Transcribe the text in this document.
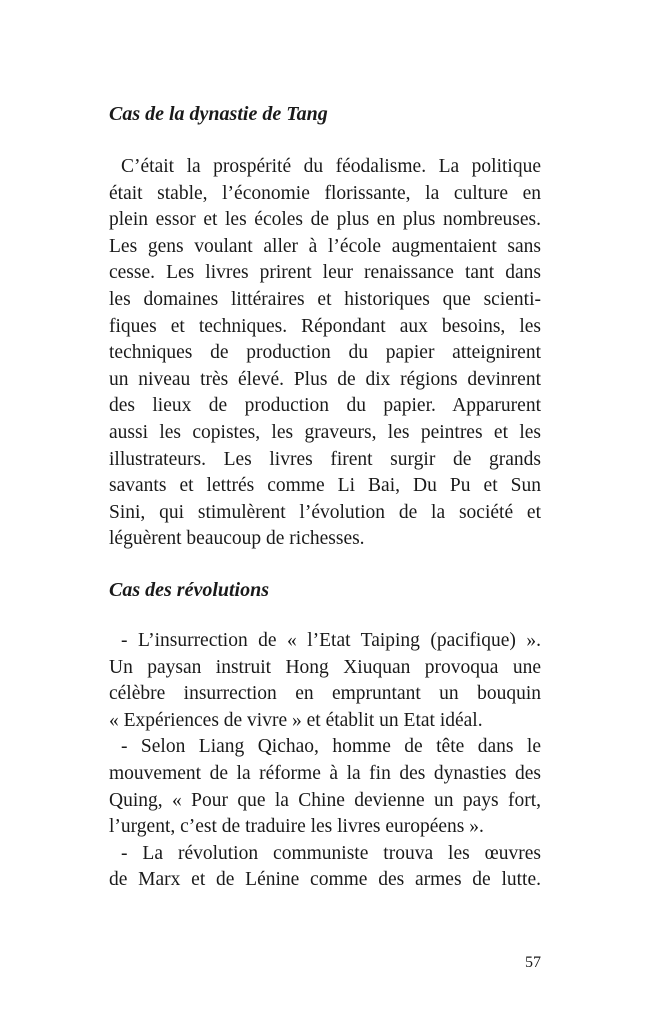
Cas de la dynastie de Tang
C’était la prospérité du féodalisme. La politique
était stable, l’économie florissante, la culture en
plein essor et les écoles de plus en plus nombreuses.
Les gens voulant aller à l’école augmentaient sans
cesse. Les livres prirent leur renaissance tant dans
les domaines littéraires et historiques que scienti-
fiques et techniques. Répondant aux besoins, les
techniques de production du papier atteignirent
un niveau très élevé. Plus de dix régions devinrent
des lieux de production du papier. Apparurent
aussi les copistes, les graveurs, les peintres et les
illustrateurs. Les livres firent surgir de grands
savants et lettrés comme Li Bai, Du Pu et Sun
Sini, qui stimulèrent l’évolution de la société et
léguèrent beaucoup de richesses.
Cas des révolutions
- L’insurrection de « l’Etat Taiping (pacifique) ».
Un paysan instruit Hong Xiuquan provoqua une
célèbre insurrection en empruntant un bouquin
« Expériences de vivre » et établit un Etat idéal.
- Selon Liang Qichao, homme de tête dans le
mouvement de la réforme à la fin des dynasties des
Quing, « Pour que la Chine devienne un pays fort,
l’urgent, c’est de traduire les livres européens ».
- La révolution communiste trouva les œuvres
de Marx et de Lénine comme des armes de lutte.
57
